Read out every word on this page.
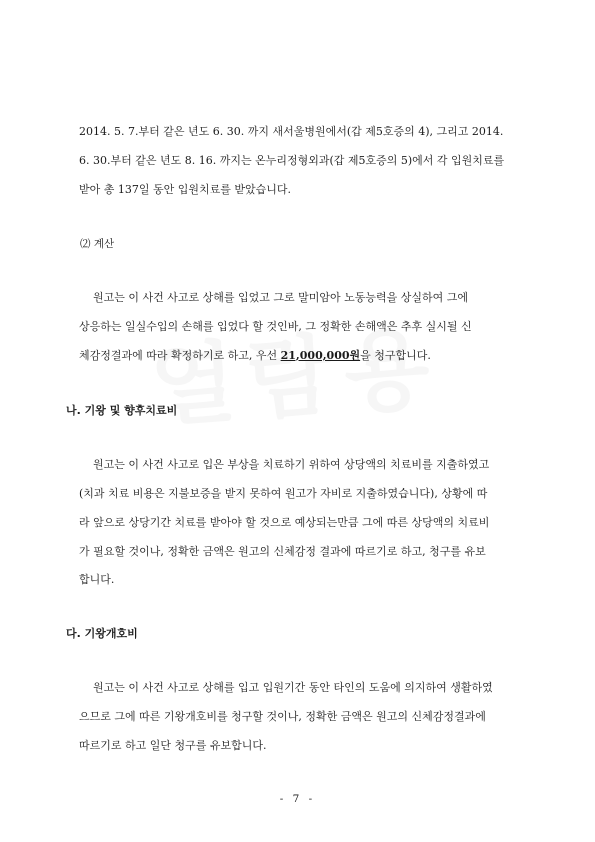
2014. 5. 7.부터 같은 년도 6. 30. 까지 새서울병원에서(갑 제5호증의 4), 그리고 2014.
6. 30.부터 같은 년도 8. 16. 까지는 온누리정형외과(갑 제5호증의 5)에서 각 입원치료를
받아 총 137일 동안 입원치료를 받았습니다.
⑵ 계산
원고는 이 사건 사고로 상해를 입었고 그로 말미암아 노동능력을 상실하여 그에
상응하는 일실수입의 손해를 입었다 할 것인바, 그 정확한 손해액은 추후 실시될 신
체감정결과에 따라 확정하기로 하고, 우선 21,000,000원을 청구합니다.
나. 기왕 및 향후치료비
원고는 이 사건 사고로 입은 부상을 치료하기 위하여 상당액의 치료비를 지출하였고
(치과 치료 비용은 지불보증을 받지 못하여 원고가 자비로 지출하였습니다), 상황에 따
라 앞으로 상당기간 치료를 받아야 할 것으로 예상되는만큼 그에 따른 상당액의 치료비
가 필요할 것이나, 정확한 금액은 원고의 신체감정 결과에 따르기로 하고, 청구를 유보
합니다.
다. 기왕개호비
원고는 이 사건 사고로 상해를 입고 입원기간 동안 타인의 도움에 의지하여 생활하였
으므로 그에 따른 기왕개호비를 청구할 것이나, 정확한 금액은 원고의 신체감정결과에
따르기로 하고 일단 청구를 유보합니다.
- 7 -
